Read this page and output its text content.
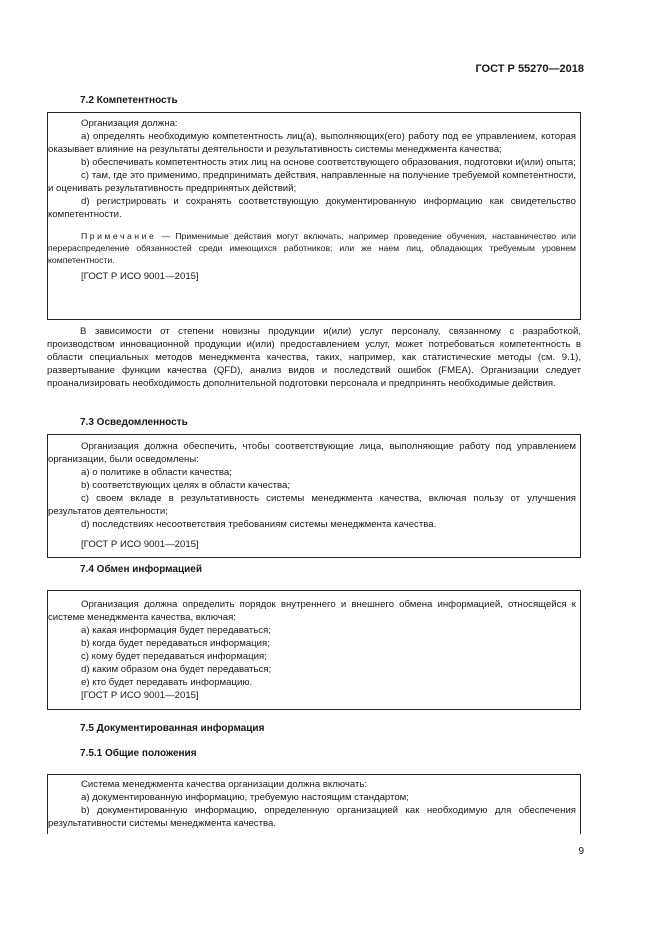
ГОСТ Р 55270—2018
7.2 Компетентность

Организация должна:

а) определять необходимую компетентность лиц(а), выполняющих(его) работу под ее управлением, которая оказывает влияние на результаты деятельности и результативность системы менеджмента качества;

b) обеспечивать компетентность этих лиц на основе соответствующего образования, подготовки и(или) опыта;

c) там, где это применимо, предпринимать действия, направленные на получение требуемой компетентности, и оценивать результативность предпринятых действий;

d) регистрировать и сохранять соответствующую документированную информацию как свидетельство компетентности.

Примечание — Применимые действия могут включать, например проведение обучения, наставничество или перераспределение обязанностей среди имеющихся работников; или же наем лиц, обладающих требуемым уровнем компетентности.

[ГОСТ Р ИСО 9001—2015]

В зависимости от степени новизны продукции и(или) услуг персоналу, связанному с разработкой, производством инновационной продукции и(или) предоставлением услуг, может потребоваться компетентность в области специальных методов менеджмента качества, таких, например, как статистические методы (см. 9.1), развертывание функции качества (QFD), анализ видов и последствий ошибок (FMEA). Организации следует проанализировать необходимость дополнительной подготовки персонала и предпринять необходимые действия.

7.3 Осведомленность

Организация должна обеспечить, чтобы соответствующие лица, выполняющие работу под управлением организации, были осведомлены:

а) о политике в области качества;

b) соответствующих целях в области качества;

c) своем вкладе в результативность системы менеджмента качества, включая пользу от улучшения результатов деятельности;

d) последствиях несоответствия требованиям системы менеджмента качества.

[ГОСТ Р ИСО 9001—2015]

7.4 Обмен информацией

Организация должна определить порядок внутреннего и внешнего обмена информацией, относящейся к системе менеджмента качества, включая:

а) какая информация будет передаваться;

b) когда будет передаваться информация;

c) кому будет передаваться информация;

d) каким образом она будет передаваться;

e) кто будет передавать информацию.

[ГОСТ Р ИСО 9001—2015]

7.5 Документированная информация
7.5.1 Общие положения

Система менеджмента качества организации должна включать:

а) документированную информацию, требуемую настоящим стандартом;

b) документированную информацию, определенную организацией как необходимую для обеспечения результативности системы менеджмента качества.

9
